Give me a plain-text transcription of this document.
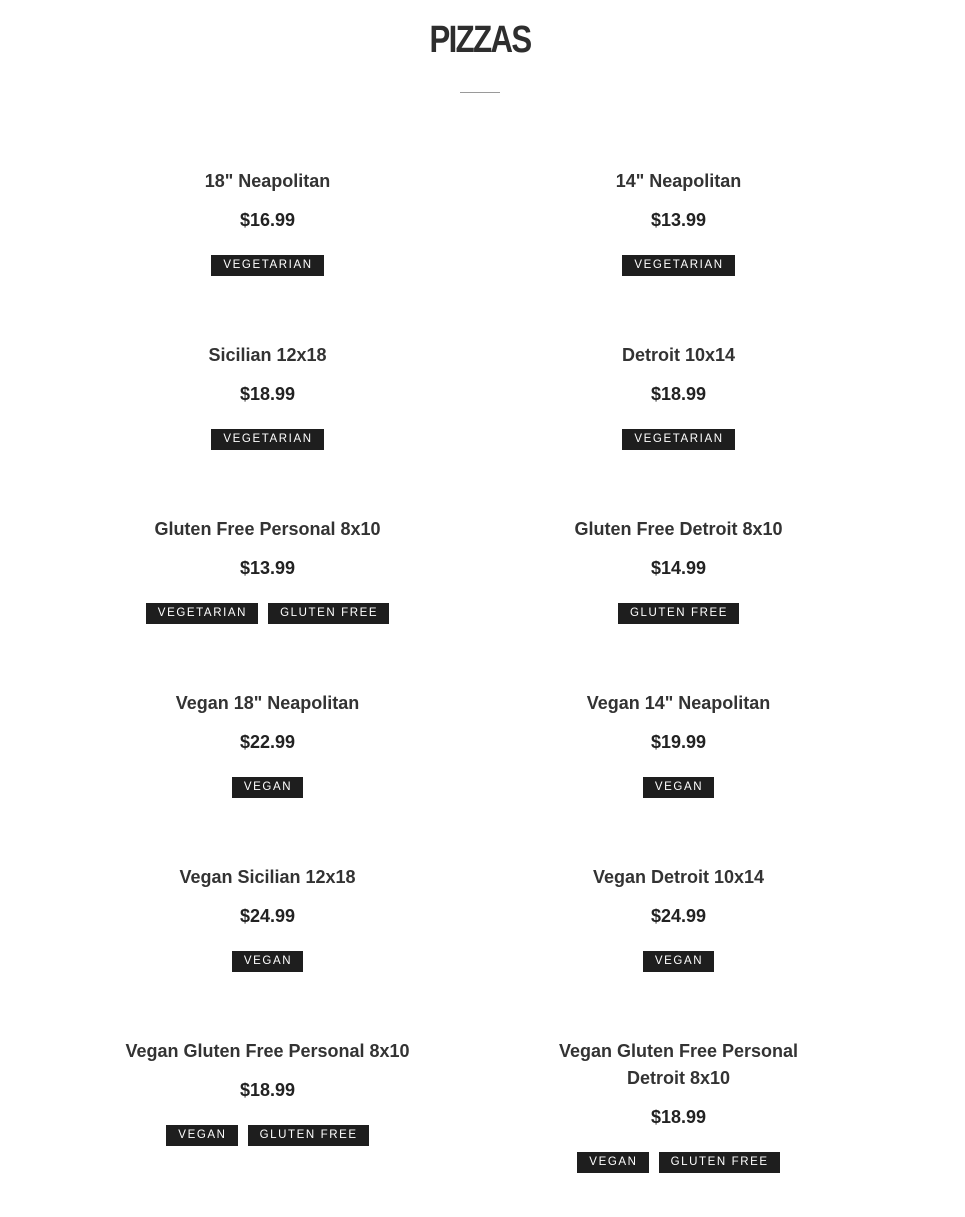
PIZZAS
18" Neapolitan
$16.99
VEGETARIAN
14" Neapolitan
$13.99
VEGETARIAN
Sicilian 12x18
$18.99
VEGETARIAN
Detroit 10x14
$18.99
VEGETARIAN
Gluten Free Personal 8x10
$13.99
VEGETARIAN	GLUTEN FREE
Gluten Free Detroit 8x10
$14.99
GLUTEN FREE
Vegan 18" Neapolitan
$22.99
VEGAN
Vegan 14" Neapolitan
$19.99
VEGAN
Vegan Sicilian 12x18
$24.99
VEGAN
Vegan Detroit 10x14
$24.99
VEGAN
Vegan Gluten Free Personal 8x10
$18.99
VEGAN	GLUTEN FREE
Vegan Gluten Free Personal Detroit 8x10
$18.99
VEGAN	GLUTEN FREE
